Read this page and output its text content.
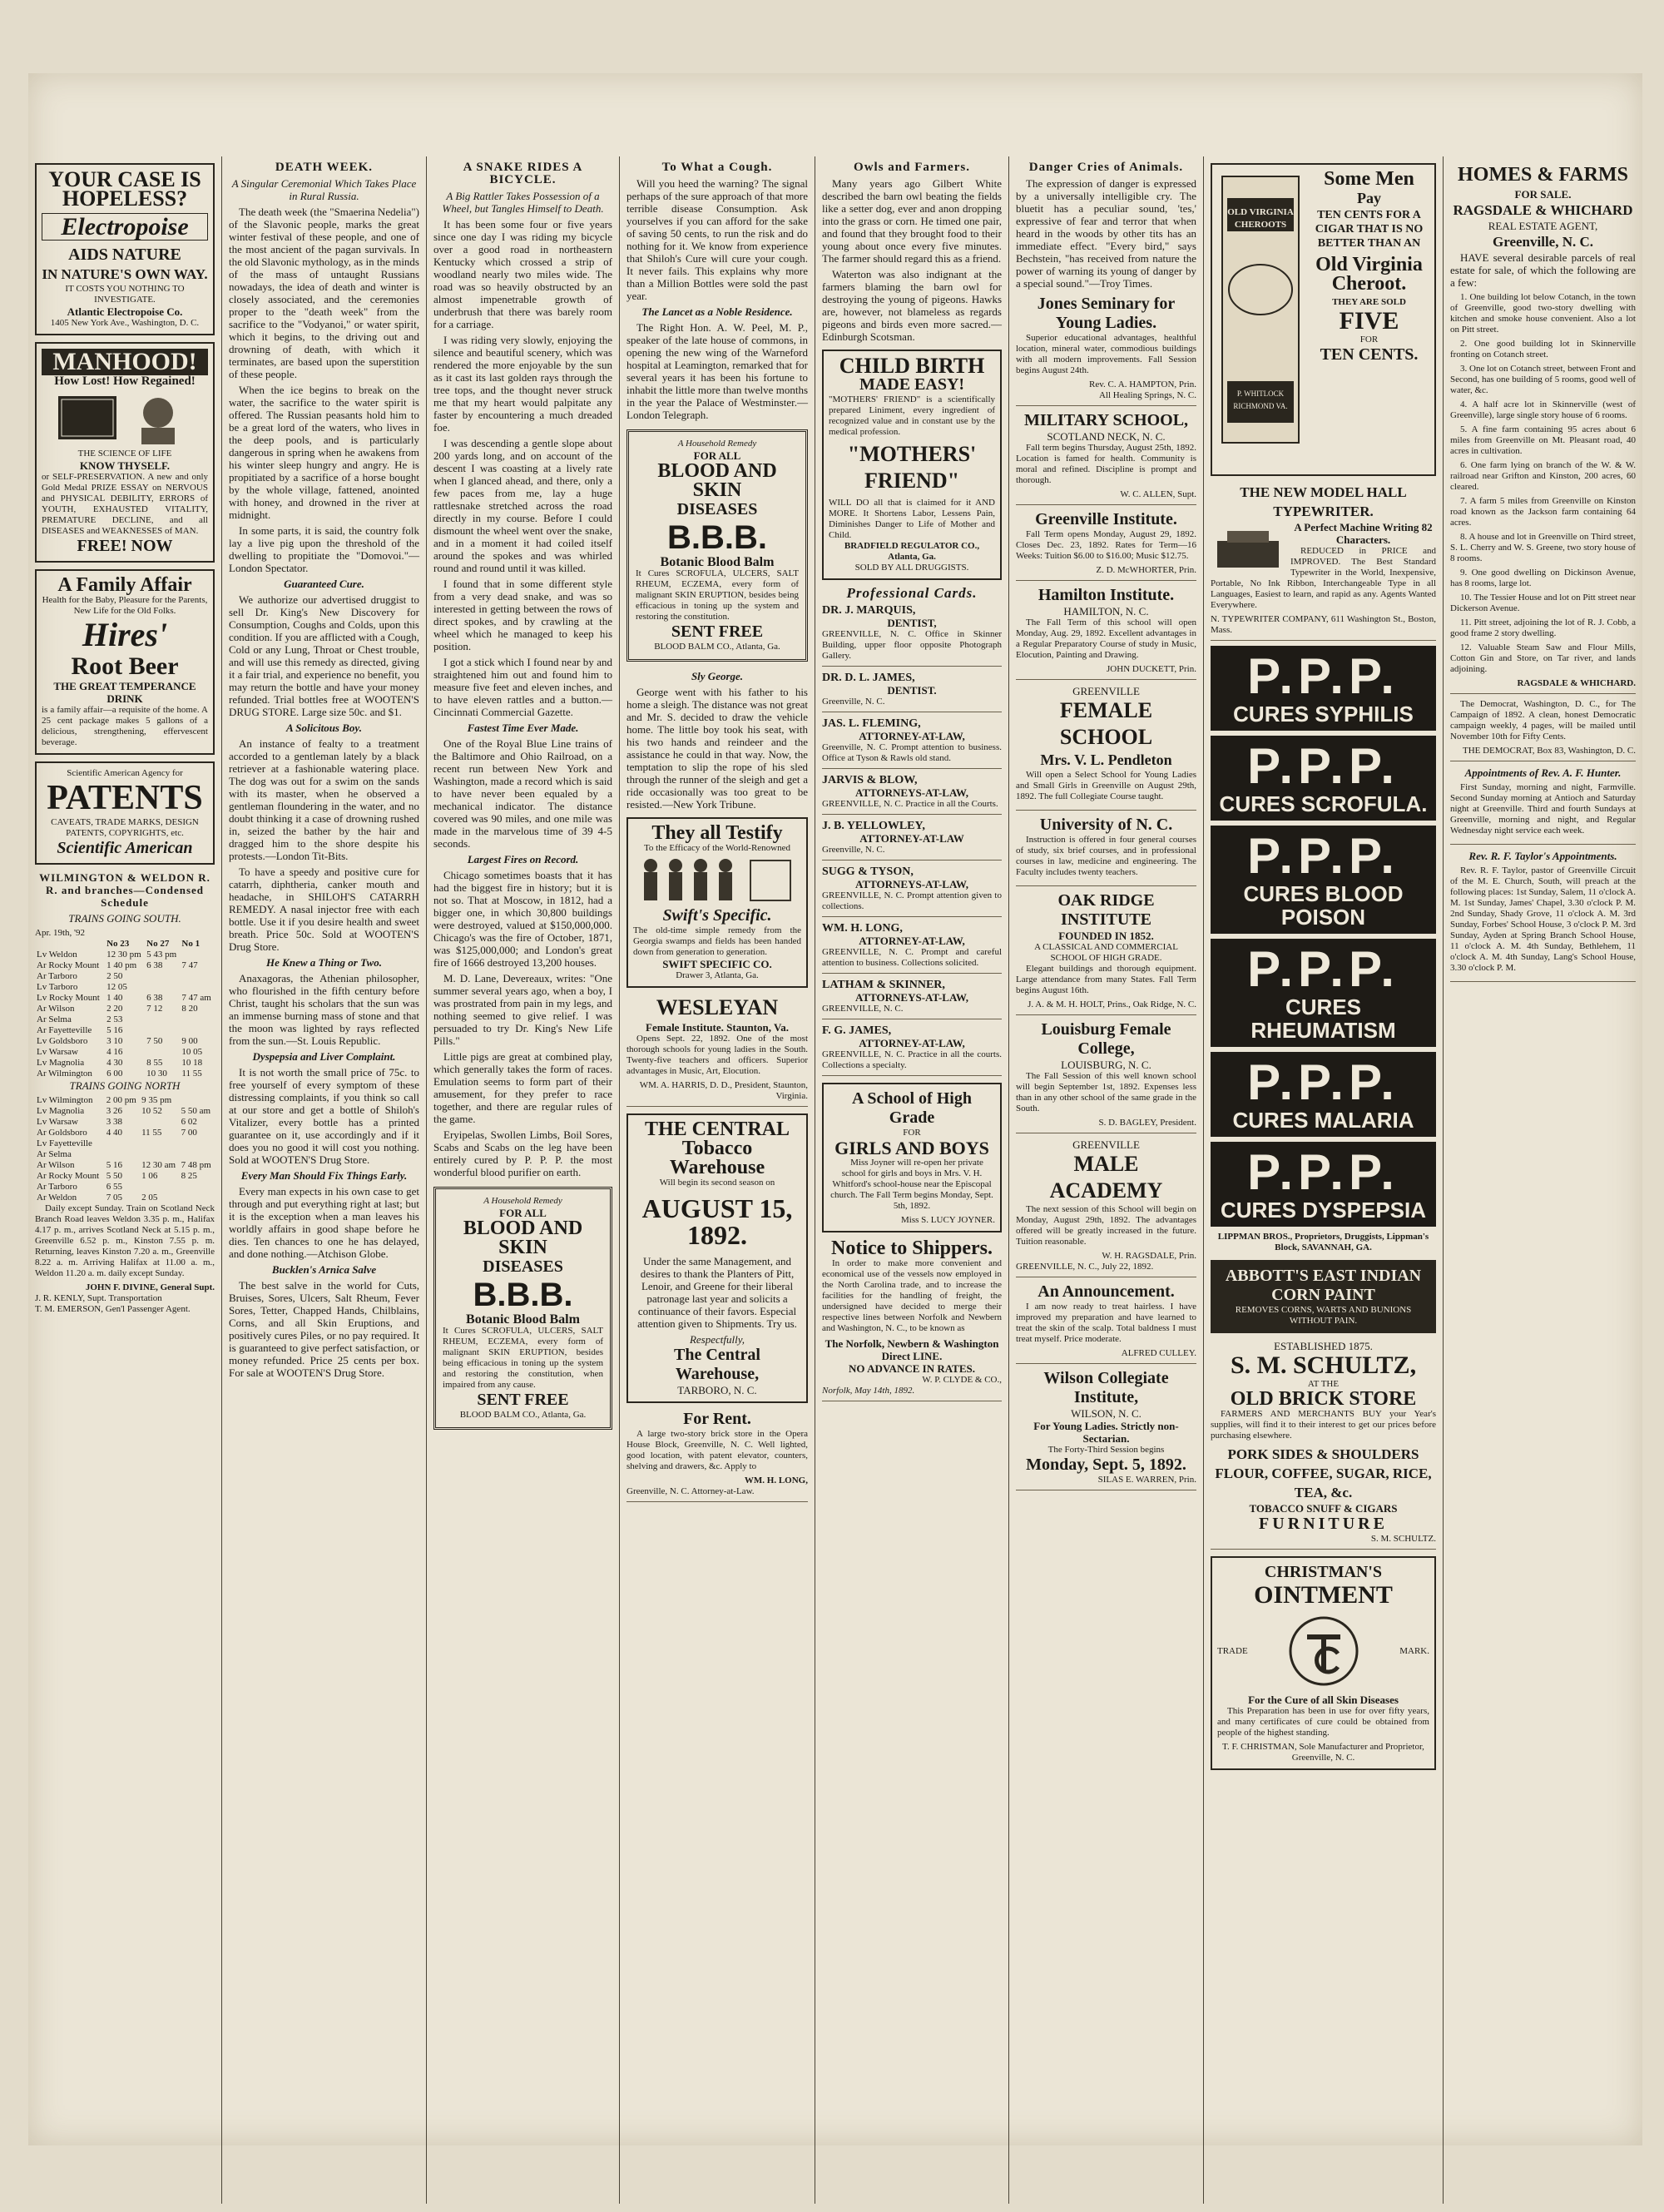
YOUR CASE IS HOPELESS?
Electropoise
AIDS NATURE
IN NATURE'S OWN WAY.
IT COSTS YOU NOTHING TO INVESTIGATE.
Atlantic Electropoise Co.
1405 New York Ave., Washington, D. C.
MANHOOD!
How Lost! How Regained!
THE SCIENCE OF LIFE
KNOW THYSELF.
or SELF-PRESERVATION. A new and only Gold Medal PRIZE ESSAY on NERVOUS and PHYSICAL DEBILITY, ERRORS of YOUTH, EXHAUSTED VITALITY, PREMATURE DECLINE, and all DISEASES and WEAKNESSES of MAN.
FREE! NOW
A Family Affair
Health for the Baby, Pleasure for the Parents, New Life for the Old Folks.
Hires'
Root Beer
THE GREAT TEMPERANCE DRINK
is a family affair—a requisite of the home. A 25 cent package makes 5 gallons of a delicious, strengthening, effervescent beverage.
Scientific American Agency for
PATENTS
CAVEATS, TRADE MARKS, DESIGN PATENTS, COPYRIGHTS, etc.
Scientific American
WILMINGTON & WELDON R. R. and branches—Condensed Schedule
TRAINS GOING SOUTH.
Apr. 19th, '92
	No 23	No 27	No 1
Lv Weldon	12 30 pm	5 43 pm	
Ar Rocky Mount	1 40 pm	6 38	7 47
Ar Tarboro	2 50		
Lv Tarboro	12 05		
Lv Rocky Mount	1 40	6 38	7 47 am
Ar Wilson	2 20	7 12	8 20
Ar Selma	2 53		
Ar Fayetteville	5 16		
Lv Goldsboro	3 10	7 50	9 00
Lv Warsaw	4 16		10 05
Lv Magnolia	4 30	8 55	10 18
Ar Wilmington	6 00	10 30	11 55
TRAINS GOING NORTH
Lv Wilmington	2 00 pm	9 35 pm	
Lv Magnolia	3 26	10 52	5 50 am
Lv Warsaw	3 38		6 02
Ar Goldsboro	4 40	11 55	7 00
Lv Fayetteville			
Ar Selma			
Ar Wilson	5 16	12 30 am	7 48 pm
Ar Rocky Mount	5 50	1 06	8 25
Ar Tarboro	6 55		
Ar Weldon	7 05	2 05	

Daily except Sunday. Train on Scotland Neck Branch Road leaves Weldon 3.35 p. m., Halifax 4.17 p. m., arrives Scotland Neck at 5.15 p. m., Greenville 6.52 p. m., Kinston 7.55 p. m. Returning, leaves Kinston 7.20 a. m., Greenville 8.22 a. m. Arriving Halifax at 11.00 a. m., Weldon 11.20 a. m. daily except Sunday.

JOHN F. DIVINE, General Supt.
J. R. KENLY, Supt. Transportation
T. M. EMERSON, Gen'l Passenger Agent.
DEATH WEEK.
A Singular Ceremonial Which Takes Place in Rural Russia.

The death week (the "Smaerina Nedelia") of the Slavonic people, marks the great winter festival of these people, and one of the most ancient of the pagan survivals. In the old Slavonic mythology, as in the minds of the mass of untaught Russians nowadays, the idea of death and winter is closely associated, and the ceremonies proper to the "death week" from the sacrifice to the "Vodyanoi," or water spirit, which it begins, to the driving out and drowning of death, with which it terminates, are based upon the superstition of these people.

When the ice begins to break on the water, the sacrifice to the water spirit is offered. The Russian peasants hold him to be a great lord of the waters, who lives in the deep pools, and is particularly dangerous in spring when he awakens from his winter sleep hungry and angry. He is propitiated by a sacrifice of a horse bought by the whole village, fattened, anointed with honey, and drowned in the river at midnight.

In some parts, it is said, the country folk lay a live pig upon the threshold of the dwelling to propitiate the "Domovoi."—London Spectator.

Guaranteed Cure.

We authorize our advertised druggist to sell Dr. King's New Discovery for Consumption, Coughs and Colds, upon this condition. If you are afflicted with a Cough, Cold or any Lung, Throat or Chest trouble, and will use this remedy as directed, giving it a fair trial, and experience no benefit, you may return the bottle and have your money refunded. Trial bottles free at WOOTEN'S DRUG STORE. Large size 50c. and $1.

A Solicitous Boy.

An instance of fealty to a treatment accorded to a gentleman lately by a black retriever at a fashionable watering place. The dog was out for a swim on the sands with its master, when he observed a gentleman floundering in the water, and no doubt thinking it a case of drowning rushed in, seized the bather by the hair and dragged him to the shore despite his protests.—London Tit-Bits.

To have a speedy and positive cure for catarrh, diphtheria, canker mouth and headache, in SHILOH'S CATARRH REMEDY. A nasal injector free with each bottle. Use it if you desire health and sweet breath. Price 50c. Sold at WOOTEN'S Drug Store.

He Knew a Thing or Two.

Anaxagoras, the Athenian philosopher, who flourished in the fifth century before Christ, taught his scholars that the sun was an immense burning mass of stone and that the moon was lighted by rays reflected from the sun.—St. Louis Republic.

Dyspepsia and Liver Complaint.

It is not worth the small price of 75c. to free yourself of every symptom of these distressing complaints, if you think so call at our store and get a bottle of Shiloh's Vitalizer, every bottle has a printed guarantee on it, use accordingly and if it does you no good it will cost you nothing. Sold at WOOTEN'S Drug Store.

Every Man Should Fix Things Early.

Every man expects in his own case to get through and put everything right at last; but it is the exception when a man leaves his worldly affairs in good shape before he dies. Ten chances to one he has delayed, and done nothing.—Atchison Globe.

Bucklen's Arnica Salve

The best salve in the world for Cuts, Bruises, Sores, Ulcers, Salt Rheum, Fever Sores, Tetter, Chapped Hands, Chilblains, Corns, and all Skin Eruptions, and positively cures Piles, or no pay required. It is guaranteed to give perfect satisfaction, or money refunded. Price 25 cents per box. For sale at WOOTEN'S Drug Store.

A SNAKE RIDES A BICYCLE.
A Big Rattler Takes Possession of a Wheel, but Tangles Himself to Death.

It has been some four or five years since one day I was riding my bicycle over a good road in northeastern Kentucky which crossed a strip of woodland nearly two miles wide. The road was so heavily obstructed by an almost impenetrable growth of underbrush that there was barely room for a carriage.

I was riding very slowly, enjoying the silence and beautiful scenery, which was rendered the more enjoyable by the sun as it cast its last golden rays through the tree tops, and the thought never struck me that my heart would palpitate any faster by encountering a much dreaded foe.

I was descending a gentle slope about 200 yards long, and on account of the descent I was coasting at a lively rate when I glanced ahead, and there, only a few paces from me, lay a huge rattlesnake stretched across the road directly in my course. Before I could dismount the wheel went over the snake, and in a moment it had coiled itself around the spokes and was whirled round and round until it was killed.

I found that in some different style from a very dead snake, and was so interested in getting between the rows of direct spokes, and by crawling at the wheel which he managed to keep his position.

I got a stick which I found near by and straightened him out and found him to measure five feet and eleven inches, and to have eleven rattles and a button.—Cincinnati Commercial Gazette.

Fastest Time Ever Made.

One of the Royal Blue Line trains of the Baltimore and Ohio Railroad, on a recent run between New York and Washington, made a record which is said to have never been equaled by a mechanical indicator. The distance covered was 90 miles, and one mile was made in the marvelous time of 39 4-5 seconds.

Largest Fires on Record.

Chicago sometimes boasts that it has had the biggest fire in history; but it is not so. That at Moscow, in 1812, had a bigger one, in which 30,800 buildings were destroyed, valued at $150,000,000. Chicago's was the fire of October, 1871, was $125,000,000; and London's great fire of 1666 destroyed 13,200 houses.

M. D. Lane, Devereaux, writes: "One summer several years ago, when a boy, I was prostrated from pain in my legs, and nothing seemed to give relief. I was persuaded to try Dr. King's New Life Pills."

Little pigs are great at combined play, which generally takes the form of races. Emulation seems to form part of their amusement, for they prefer to race together, and there are regular rules of the game.

Eryipelas, Swollen Limbs, Boil Sores, Scabs and Scabs on the leg have been entirely cured by P. P. P. the most wonderful blood purifier on earth.

A Household Remedy
FOR ALL
BLOOD AND SKIN
DISEASES
B.B.B.
Botanic Blood Balm
It Cures SCROFULA, ULCERS, SALT RHEUM, ECZEMA, every form of malignant SKIN ERUPTION, besides being efficacious in toning up the system and restoring the constitution, when impaired from any cause.
SENT FREE
BLOOD BALM CO., Atlanta, Ga.
To What a Cough.

Will you heed the warning? The signal perhaps of the sure approach of that more terrible disease Consumption. Ask yourselves if you can afford for the sake of saving 50 cents, to run the risk and do nothing for it. We know from experience that Shiloh's Cure will cure your cough. It never fails. This explains why more than a Million Bottles were sold the past year.

The Lancet as a Noble Residence.

The Right Hon. A. W. Peel, M. P., speaker of the late house of commons, in opening the new wing of the Warneford hospital at Leamington, remarked that for several years it has been his fortune to inhabit the little more than twelve months in the year the Palace of Westminster.—London Telegraph.

A Household Remedy
FOR ALL
BLOOD AND SKIN
DISEASES
B.B.B.
Botanic Blood Balm
It Cures SCROFULA, ULCERS, SALT RHEUM, ECZEMA, every form of malignant SKIN ERUPTION, besides being efficacious in toning up the system and restoring the constitution.
SENT FREE
BLOOD BALM CO., Atlanta, Ga.
Sly George.

George went with his father to his home a sleigh. The distance was not great and Mr. S. decided to draw the vehicle home. The little boy took his seat, with his two hands and reindeer and the assistance he could in that way. Now, the temptation to slip the rope of his sled through the runner of the sleigh and get a ride occasionally was too great to be resisted.—New York Tribune.

They all Testify
To the Efficacy of the World-Renowned
Swift's Specific.
The old-time simple remedy from the Georgia swamps and fields has been handed down from generation to generation.
SWIFT SPECIFIC CO.
Drawer 3, Atlanta, Ga.
WESLEYAN
Female Institute. Staunton, Va.

Opens Sept. 22, 1892. One of the most thorough schools for young ladies in the South. Twenty-five teachers and officers. Superior advantages in Music, Art, Elocution.

WM. A. HARRIS, D. D., President, Staunton, Virginia.
THE CENTRAL
Tobacco Warehouse
Will begin its second season on
AUGUST 15, 1892.

Under the same Management, and desires to thank the Planters of Pitt, Lenoir, and Greene for their liberal patronage last year and solicits a continuance of their favors. Especial attention given to Shipments. Try us.

Respectfully,
The Central Warehouse,
TARBORO, N. C.
For Rent.

A large two-story brick store in the Opera House Block, Greenville, N. C. Well lighted, good location, with patent elevator, counters, shelving and drawers, &c. Apply to

WM. H. LONG,
Greenville, N. C. Attorney-at-Law.
Owls and Farmers.

Many years ago Gilbert White described the barn owl beating the fields like a setter dog, ever and anon dropping into the grass or corn. He timed one pair, and found that they brought food to their young about once every five minutes. The farmer should regard this as a friend.

Waterton was also indignant at the farmers blaming the barn owl for destroying the young of pigeons. Hawks are, however, not blameless as regards pigeons and birds even more sacred.—Edinburgh Scotsman.

CHILD BIRTH
MADE EASY!
"MOTHERS' FRIEND" is a scientifically prepared Liniment, every ingredient of recognized value and in constant use by the medical profession.
"MOTHERS' FRIEND"
WILL DO all that is claimed for it AND MORE. It Shortens Labor, Lessens Pain, Diminishes Danger to Life of Mother and Child.
BRADFIELD REGULATOR CO., Atlanta, Ga.
SOLD BY ALL DRUGGISTS.
Professional Cards.
DR. J. MARQUIS,
DENTIST,
GREENVILLE, N. C. Office in Skinner Building, upper floor opposite Photograph Gallery.
DR. D. L. JAMES,
DENTIST.
Greenville, N. C.
JAS. L. FLEMING,
ATTORNEY-AT-LAW,
Greenville, N. C. Prompt attention to business. Office at Tyson & Rawls old stand.
JARVIS & BLOW,
ATTORNEYS-AT-LAW,
GREENVILLE, N. C. Practice in all the Courts.
J. B. YELLOWLEY,
ATTORNEY-AT-LAW
Greenville, N. C.
SUGG & TYSON,
ATTORNEYS-AT-LAW,
GREENVILLE, N. C. Prompt attention given to collections.
WM. H. LONG,
ATTORNEY-AT-LAW,
GREENVILLE, N. C. Prompt and careful attention to business. Collections solicited.
LATHAM & SKINNER,
ATTORNEYS-AT-LAW,
GREENVILLE, N. C.
F. G. JAMES,
ATTORNEY-AT-LAW,
GREENVILLE, N. C. Practice in all the courts. Collections a specialty.
A School of High Grade
FOR
GIRLS AND BOYS

Miss Joyner will re-open her private school for girls and boys in Mrs. V. H. Whitford's school-house near the Episcopal church. The Fall Term begins Monday, Sept. 5th, 1892.

Miss S. LUCY JOYNER.
Notice to Shippers.

In order to make more convenient and economical use of the vessels now employed in the North Carolina trade, and to increase the facilities for the handling of freight, the undersigned have decided to merge their respective lines between Norfolk and Newbern and Washington, N. C., to be known as

The Norfolk, Newbern & Washington Direct LINE.
NO ADVANCE IN RATES.
W. P. CLYDE & CO.,
Norfolk, May 14th, 1892.
Danger Cries of Animals.

The expression of danger is expressed by a universally intelligible cry. The bluetit has a peculiar sound, 'tes,' expressive of fear and terror that when heard in the woods by other tits has an immediate effect. "Every bird," says Bechstein, "has received from nature the power of warning its young of danger by a special sound."—Troy Times.

Jones Seminary for Young Ladies.

Superior educational advantages, healthful location, mineral water, commodious buildings with all modern improvements. Fall Session begins August 24th.

Rev. C. A. HAMPTON, Prin.
All Healing Springs, N. C.
MILITARY SCHOOL,
SCOTLAND NECK, N. C.

Fall term begins Thursday, August 25th, 1892. Location is famed for health. Community is moral and refined. Discipline is prompt and thorough.

W. C. ALLEN, Supt.
Greenville Institute.

Fall Term opens Monday, August 29, 1892. Closes Dec. 23, 1892. Rates for Term—16 Weeks: Tuition $6.00 to $16.00; Music $12.75.

Z. D. McWHORTER, Prin.
Hamilton Institute.
HAMILTON, N. C.

The Fall Term of this school will open Monday, Aug. 29, 1892. Excellent advantages in a Regular Preparatory Course of study in Music, Elocution, Painting and Drawing.

JOHN DUCKETT, Prin.
GREENVILLE
FEMALE SCHOOL
Mrs. V. L. Pendleton

Will open a Select School for Young Ladies and Small Girls in Greenville on August 29th, 1892. The full Collegiate Course taught.

University of N. C.

Instruction is offered in four general courses of study, six brief courses, and in professional courses in law, medicine and engineering. The Faculty includes twenty teachers.

OAK RIDGE INSTITUTE
FOUNDED IN 1852.
A CLASSICAL AND COMMERCIAL SCHOOL OF HIGH GRADE.

Elegant buildings and thorough equipment. Large attendance from many States. Fall Term begins August 16th.

J. A. & M. H. HOLT, Prins., Oak Ridge, N. C.
Louisburg Female College,
LOUISBURG, N. C.

The Fall Session of this well known school will begin September 1st, 1892. Expenses less than in any other school of the same grade in the South.

S. D. BAGLEY, President.
GREENVILLE
MALE ACADEMY

The next session of this School will begin on Monday, August 29th, 1892. The advantages offered will be greatly increased in the future. Tuition reasonable.

W. H. RAGSDALE, Prin.
GREENVILLE, N. C., July 22, 1892.
An Announcement.

I am now ready to treat hairless. I have improved my preparation and have learned to treat the skin of the scalp. Total baldness I must treat myself. Price moderate.

ALFRED CULLEY.
Wilson Collegiate Institute,
WILSON, N. C.
For Young Ladies. Strictly non-Sectarian.
The Forty-Third Session begins
Monday, Sept. 5, 1892.
SILAS E. WARREN, Prin.
OLD VIRGINIA CHEROOTS
P. WHITLOCK RICHMOND VA.
Some Men
Pay
TEN CENTS FOR A CIGAR THAT IS NO BETTER THAN AN
Old Virginia
Cheroot.
THEY ARE SOLD
FIVE
FOR
TEN CENTS.
THE NEW MODEL HALL TYPEWRITER.
A Perfect Machine Writing 82 Characters.

REDUCED in PRICE and IMPROVED. The Best Standard Typewriter in the World, Inexpensive, Portable, No Ink Ribbon, Interchangeable Type in all Languages, Easiest to learn, and rapid as any. Agents Wanted Everywhere.

N. TYPEWRITER COMPANY, 611 Washington St., Boston, Mass.
P.P.P.
CURES SYPHILIS
P.P.P.
CURES SCROFULA.
P.P.P.
CURES BLOOD POISON
P.P.P.
CURES RHEUMATISM
P.P.P.
CURES MALARIA
P.P.P.
CURES DYSPEPSIA
LIPPMAN BROS., Proprietors, Druggists, Lippman's Block, SAVANNAH, GA.
ABBOTT'S EAST INDIAN CORN PAINT
REMOVES CORNS, WARTS AND BUNIONS WITHOUT PAIN.
ESTABLISHED 1875.
S. M. SCHULTZ,
AT THE
OLD BRICK STORE

FARMERS AND MERCHANTS BUY your Year's supplies, will find it to their interest to get our prices before purchasing elsewhere.

PORK SIDES & SHOULDERS FLOUR, COFFEE, SUGAR, RICE, TEA, &c.
TOBACCO SNUFF & CIGARS
FURNITURE
S. M. SCHULTZ.
CHRISTMAN'S
OINTMENT
TRADE	MARK.
For the Cure of all Skin Diseases

This Preparation has been in use for over fifty years, and many certificates of cure could be obtained from people of the highest standing.

T. F. CHRISTMAN, Sole Manufacturer and Proprietor, Greenville, N. C.
HOMES & FARMS
FOR SALE.
RAGSDALE & WHICHARD
REAL ESTATE AGENT,
Greenville, N. C.

HAVE several desirable parcels of real estate for sale, of which the following are a few:

1. One building lot below Cotanch, in the town of Greenville, good two-story dwelling with kitchen and smoke house convenient. Also a lot on Pitt street.

2. One good building lot in Skinnerville fronting on Cotanch street.

3. One lot on Cotanch street, between Front and Second, has one building of 5 rooms, good well of water, &c.

4. A half acre lot in Skinnerville (west of Greenville), large single story house of 6 rooms.

5. A fine farm containing 95 acres about 6 miles from Greenville on Mt. Pleasant road, 40 acres in cultivation.

6. One farm lying on branch of the W. & W. railroad near Grifton and Kinston, 200 acres, 60 cleared.

7. A farm 5 miles from Greenville on Kinston road known as the Jackson farm containing 64 acres.

8. A house and lot in Greenville on Third street, S. L. Cherry and W. S. Greene, two story house of 8 rooms.

9. One good dwelling on Dickinson Avenue, has 8 rooms, large lot.

10. The Tessier House and lot on Pitt street near Dickerson Avenue.

11. Pitt street, adjoining the lot of R. J. Cobb, a good frame 2 story dwelling.

12. Valuable Steam Saw and Flour Mills, Cotton Gin and Store, on Tar river, and lands adjoining.

RAGSDALE & WHICHARD.

The Democrat, Washington, D. C., for The Campaign of 1892. A clean, honest Democratic campaign weekly, 4 pages, will be mailed until November 10th for Fifty Cents.

THE DEMOCRAT, Box 83, Washington, D. C.
Appointments of Rev. A. F. Hunter.

First Sunday, morning and night, Farmville. Second Sunday morning at Antioch and Saturday night at Greenville. Third and fourth Sundays at Greenville, morning and night, and Regular Wednesday night service each week.

Rev. R. F. Taylor's Appointments.

Rev. R. F. Taylor, pastor of Greenville Circuit of the M. E. Church, South, will preach at the following places: 1st Sunday, Salem, 11 o'clock A. M. 1st Sunday, James' Chapel, 3.30 o'clock P. M. 2nd Sunday, Shady Grove, 11 o'clock A. M. 3rd Sunday, Forbes' School House, 3 o'clock P. M. 3rd Sunday, Ayden at Spring Branch School House, 11 o'clock A. M. 4th Sunday, Bethlehem, 11 o'clock A. M. 4th Sunday, Lang's School House, 3.30 o'clock P. M.
